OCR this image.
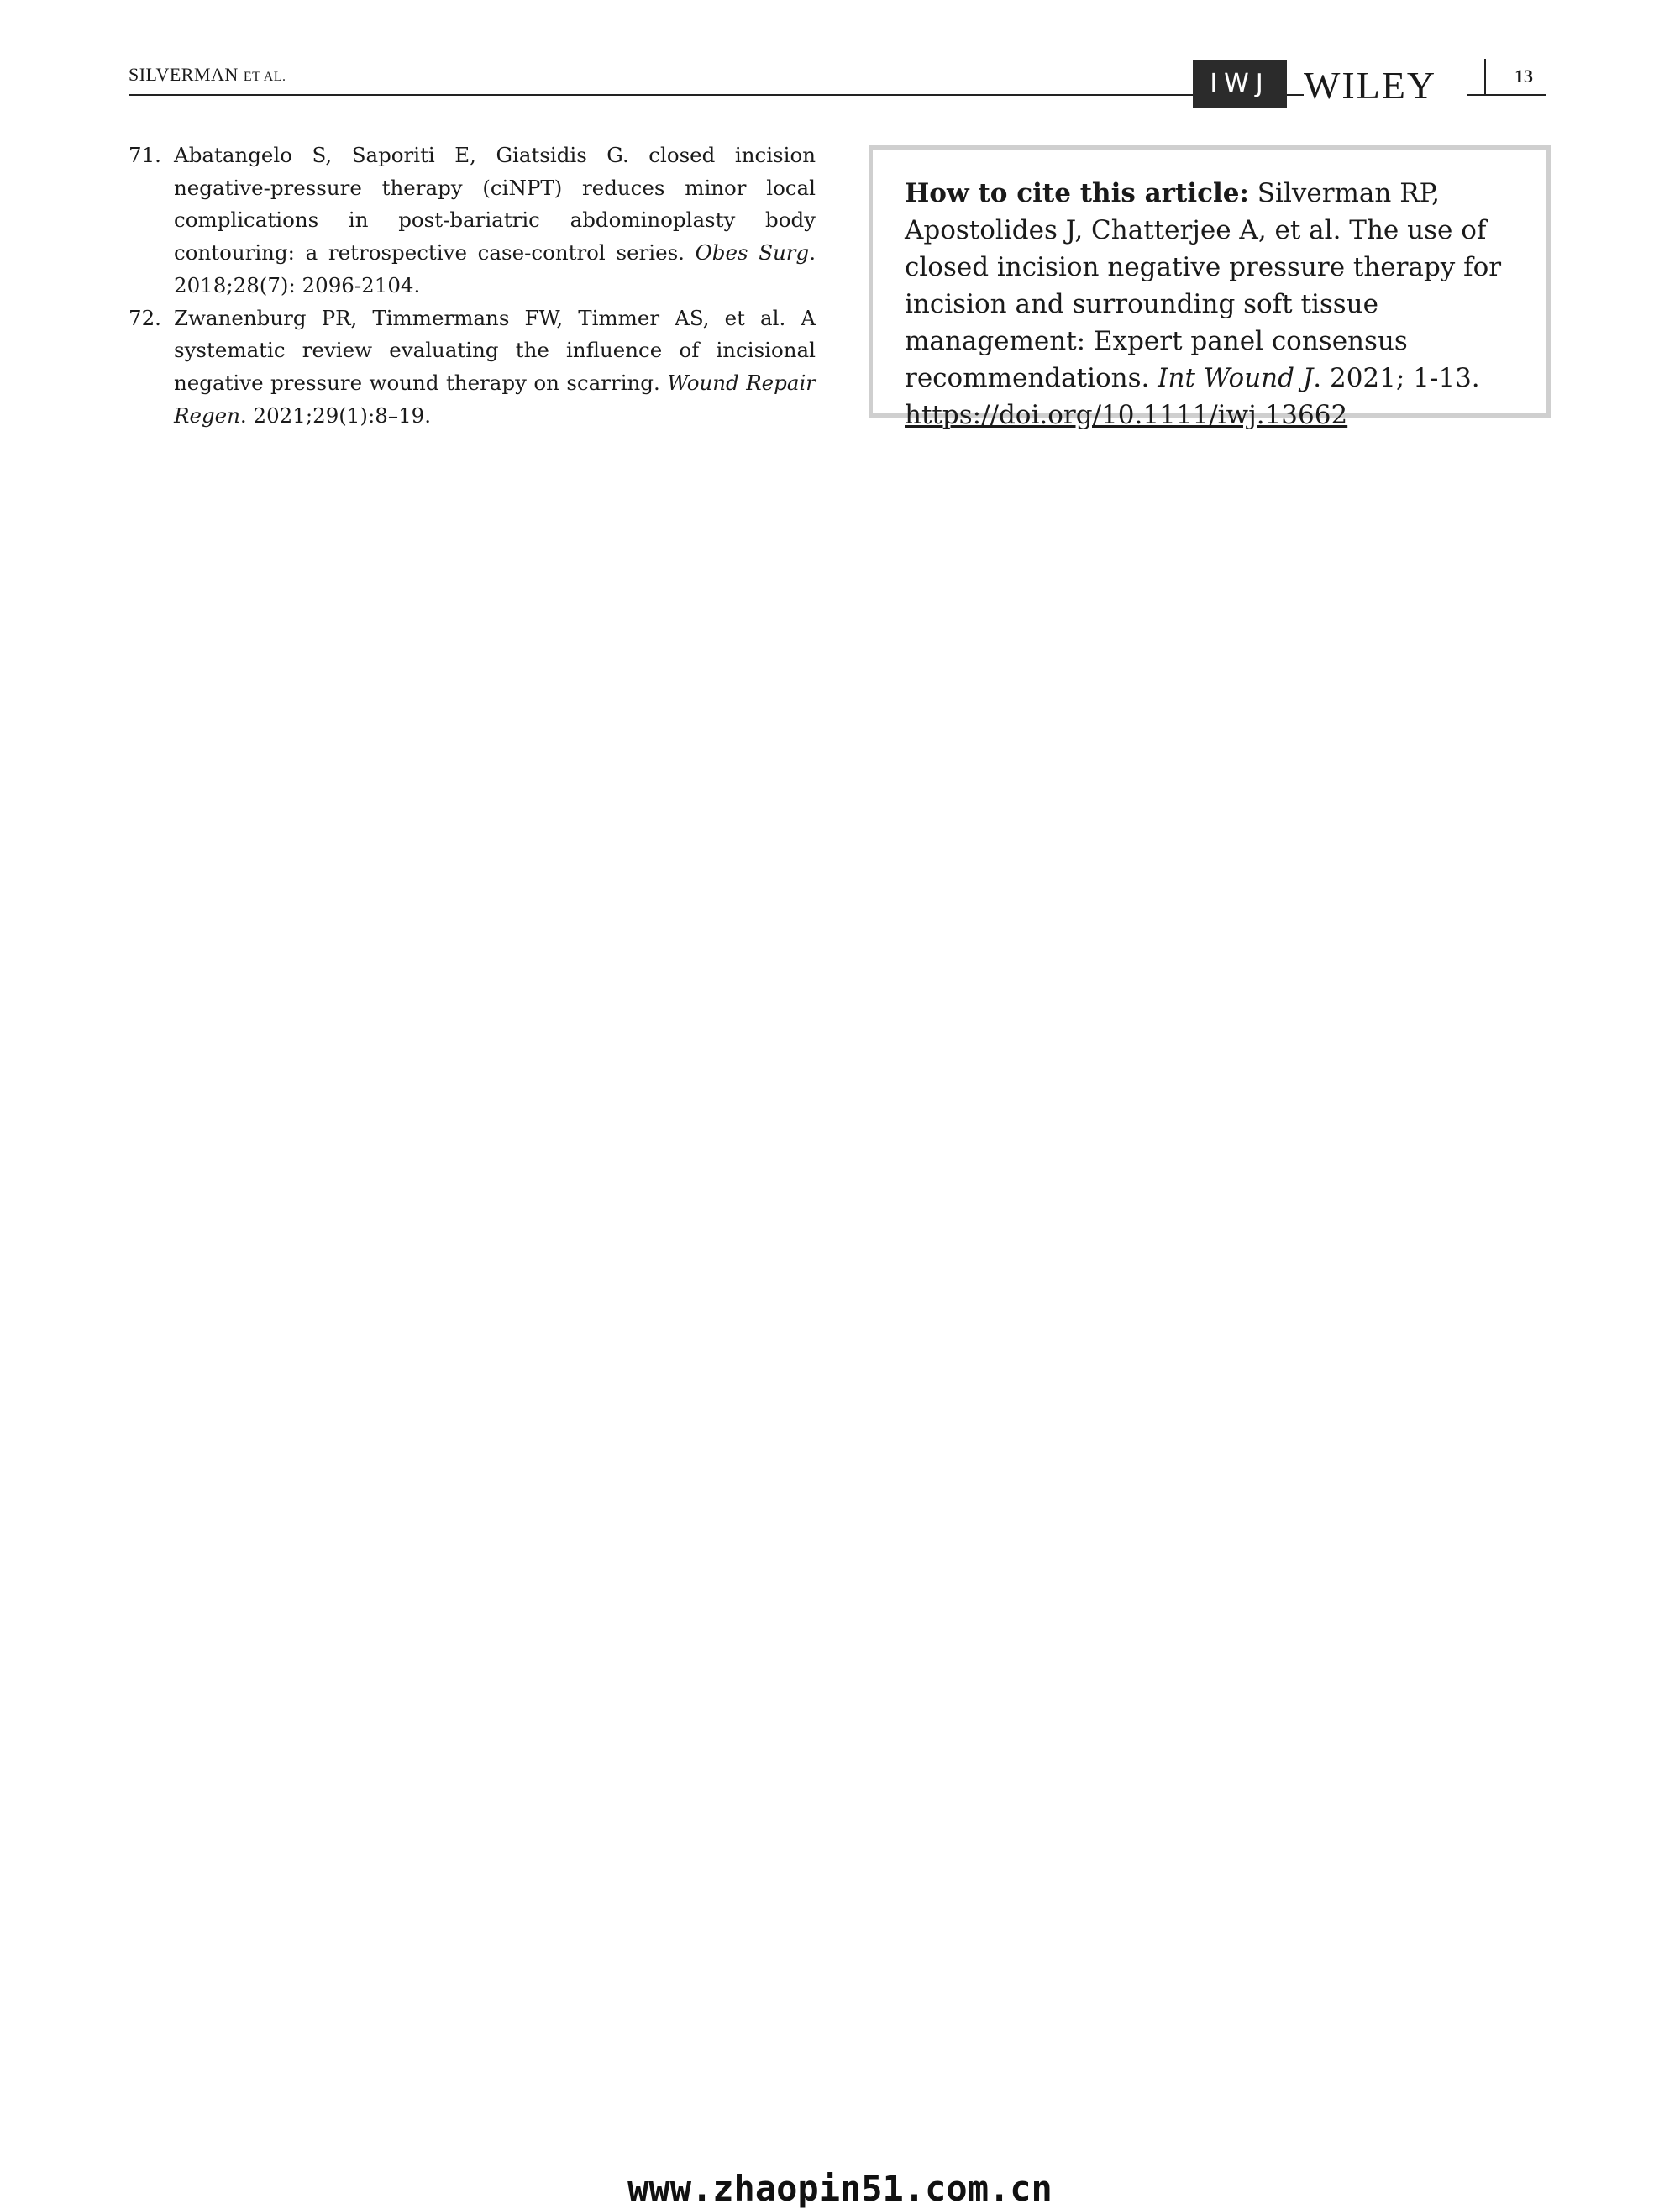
SILVERMAN ET AL.	IWJ WILEY	13
71. Abatangelo S, Saporiti E, Giatsidis G. closed incision negative-pressure therapy (ciNPT) reduces minor local complications in post-bariatric abdominoplasty body contouring: a retrospective case-control series. Obes Surg. 2018;28(7): 2096-2104.
72. Zwanenburg PR, Timmermans FW, Timmer AS, et al. A systematic review evaluating the influence of incisional negative pressure wound therapy on scarring. Wound Repair Regen. 2021;29(1):8–19.
How to cite this article: Silverman RP, Apostolides J, Chatterjee A, et al. The use of closed incision negative pressure therapy for incision and surrounding soft tissue management: Expert panel consensus recommendations. Int Wound J. 2021; 1-13. https://doi.org/10.1111/iwj.13662
www.zhaopin51.com.cn
